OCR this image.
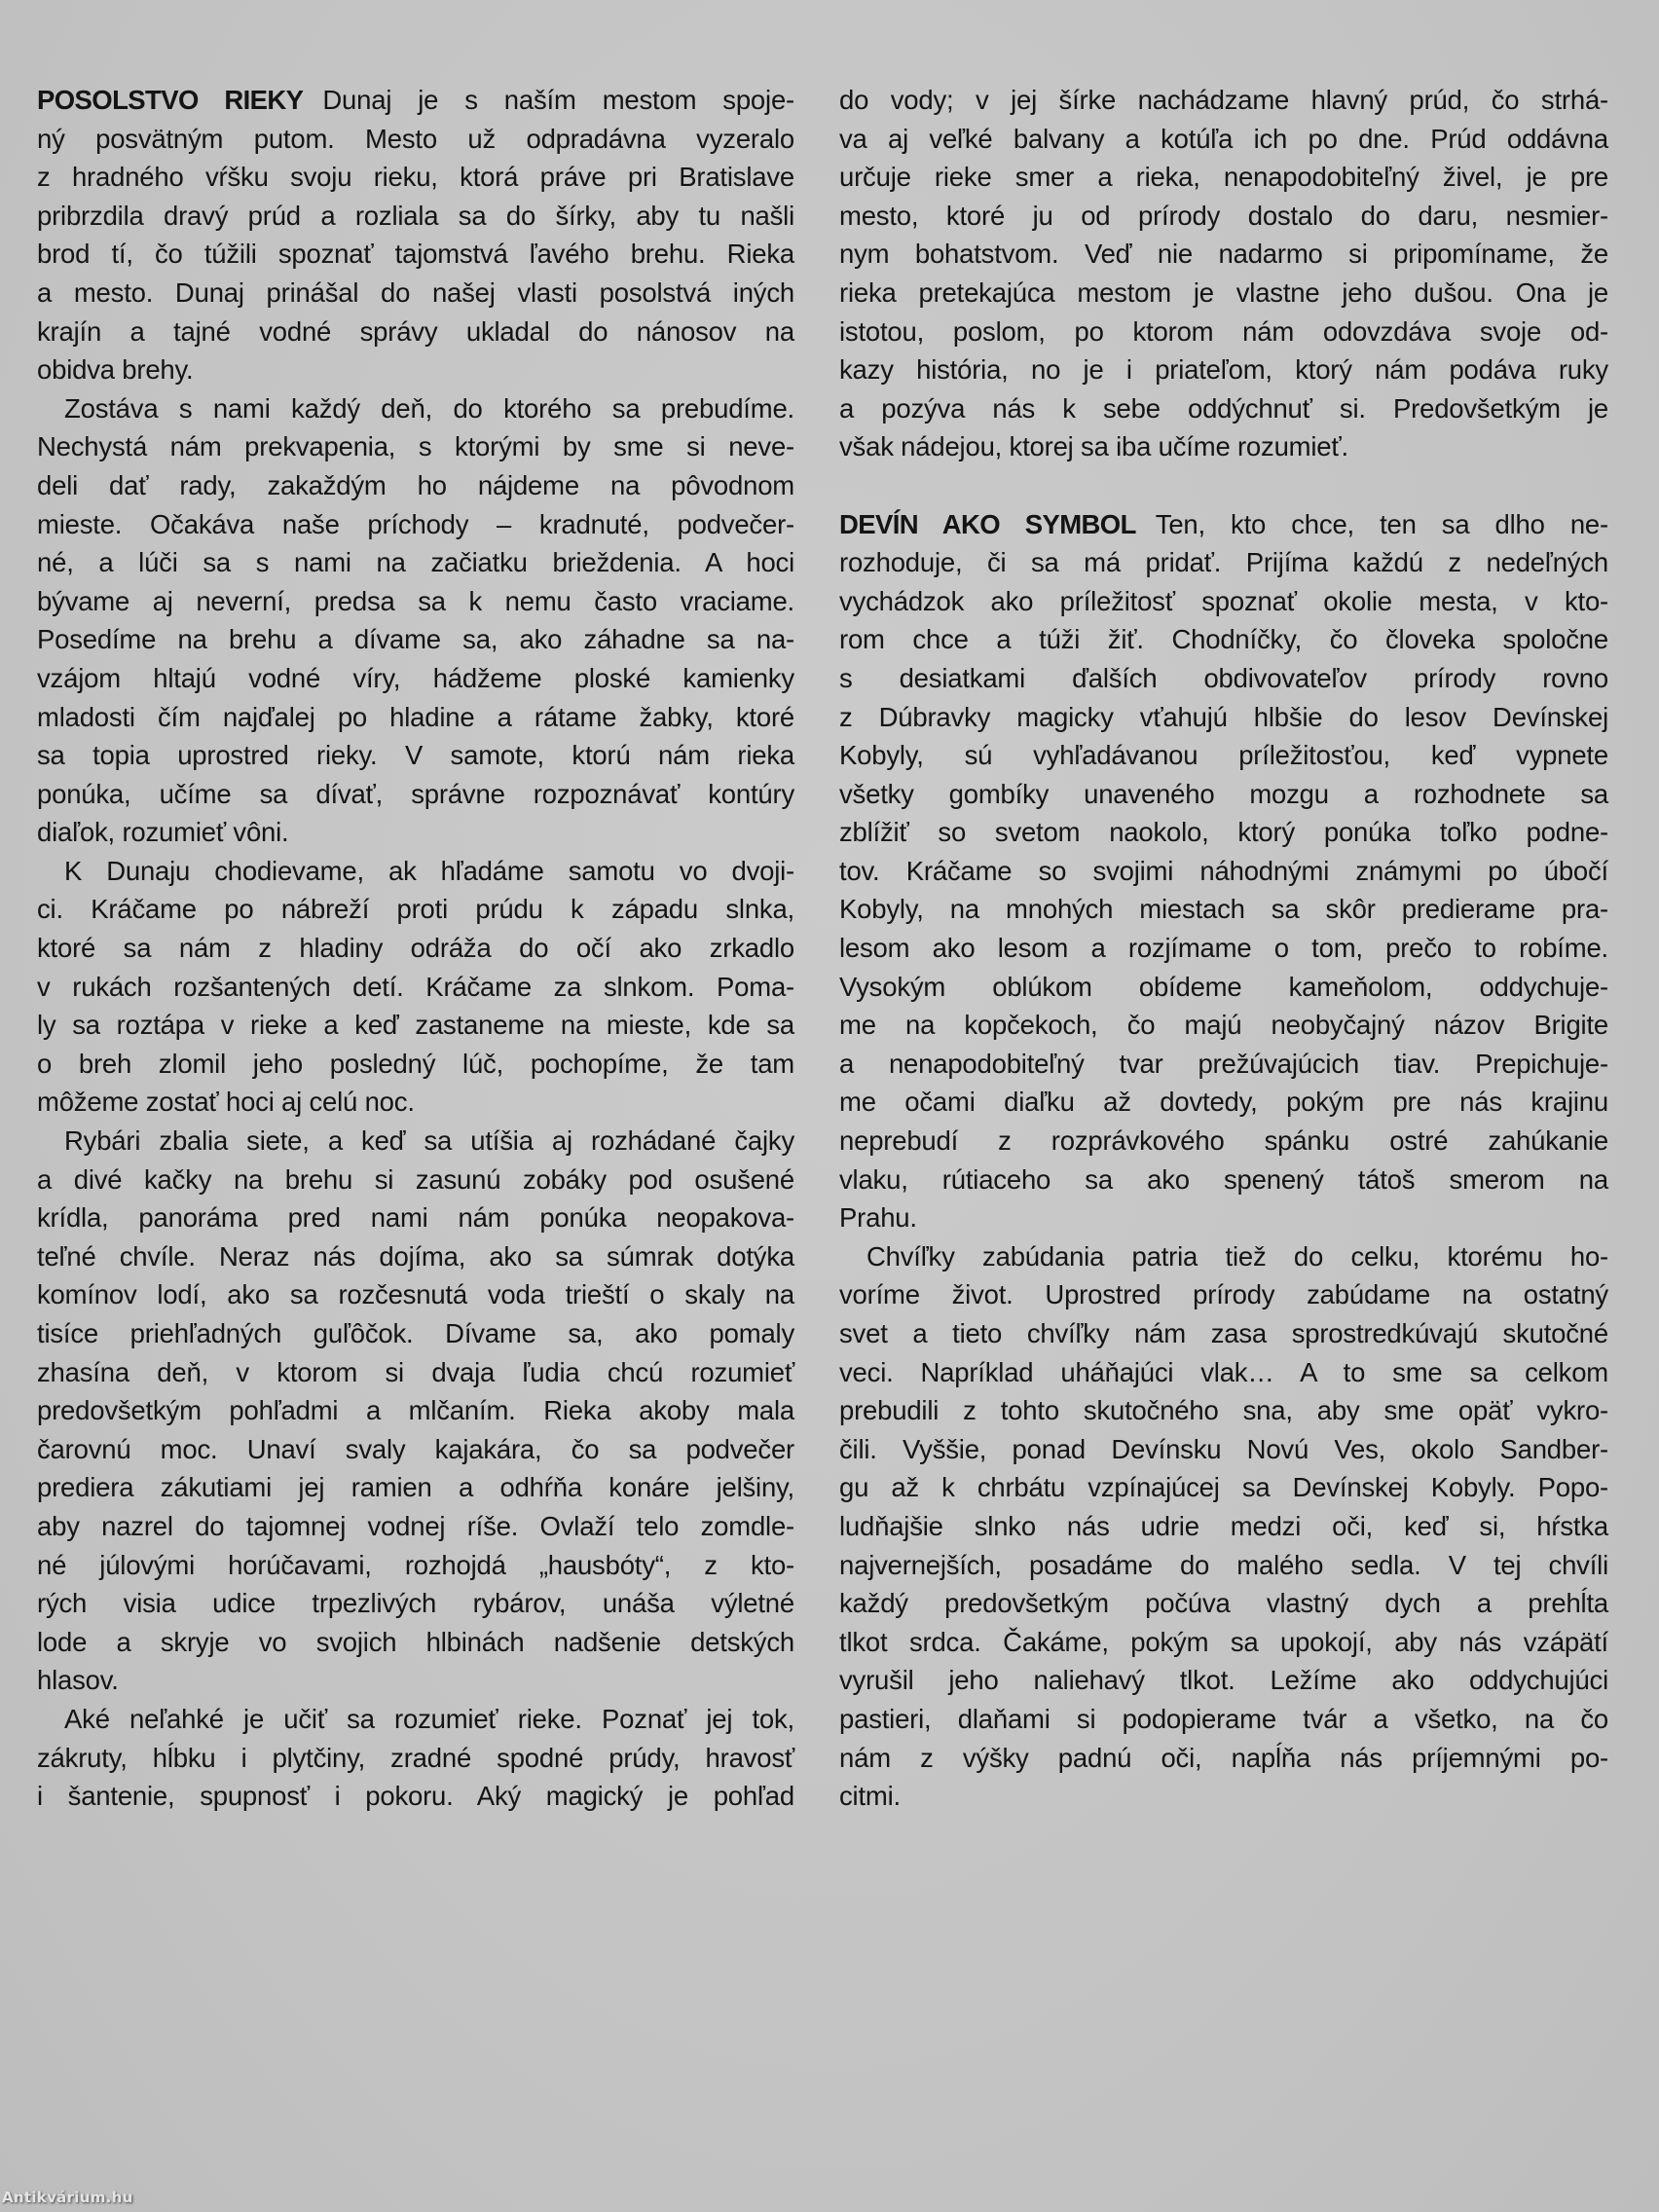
POSOLSTVO RIEKY Dunaj je s naším mestom spoje-
ný posvätným putom. Mesto už odpradávna vyzeralo
z hradného vŕšku svoju rieku, ktorá práve pri Bratislave
pribrzdila dravý prúd a rozliala sa do šírky, aby tu našli
brod tí, čo túžili spoznať tajomstvá ľavého brehu. Rieka
a mesto. Dunaj prinášal do našej vlasti posolstvá iných
krajín a tajné vodné správy ukladal do nánosov na
obidva brehy.
Zostáva s nami každý deň, do ktorého sa prebudíme.
Nechystá nám prekvapenia, s ktorými by sme si neve-
deli dať rady, zakaždým ho nájdeme na pôvodnom
mieste. Očakáva naše príchody – kradnuté, podvečer-
né, a lúči sa s nami na začiatku brieždenia. A hoci
bývame aj neverní, predsa sa k nemu často vraciame.
Posedíme na brehu a dívame sa, ako záhadne sa na-
vzájom hltajú vodné víry, hádžeme ploské kamienky
mladosti čím najďalej po hladine a rátame žabky, ktoré
sa topia uprostred rieky. V samote, ktorú nám rieka
ponúka, učíme sa dívať, správne rozpoznávať kontúry
diaľok, rozumieť vôni.
K Dunaju chodievame, ak hľadáme samotu vo dvoji-
ci. Kráčame po nábreží proti prúdu k západu slnka,
ktoré sa nám z hladiny odráža do očí ako zrkadlo
v rukách rozšantených detí. Kráčame za slnkom. Poma-
ly sa roztápa v rieke a keď zastaneme na mieste, kde sa
o breh zlomil jeho posledný lúč, pochopíme, že tam
môžeme zostať hoci aj celú noc.
Rybári zbalia siete, a keď sa utíšia aj rozhádané čajky
a divé kačky na brehu si zasunú zobáky pod osušené
krídla, panoráma pred nami nám ponúka neopakova-
teľné chvíle. Neraz nás dojíma, ako sa súmrak dotýka
komínov lodí, ako sa rozčesnutá voda trieští o skaly na
tisíce priehľadných guľôčok. Dívame sa, ako pomaly
zhasína deň, v ktorom si dvaja ľudia chcú rozumieť
predovšetkým pohľadmi a mlčaním. Rieka akoby mala
čarovnú moc. Unaví svaly kajakára, čo sa podvečer
prediera zákutiami jej ramien a odhŕňa konáre jelšiny,
aby nazrel do tajomnej vodnej ríše. Ovlaží telo zomdle-
né júlovými horúčavami, rozhojdá „hausbóty“, z kto-
rých visia udice trpezlivých rybárov, unáša výletné
lode a skryje vo svojich hlbinách nadšenie detských
hlasov.
Aké neľahké je učiť sa rozumieť rieke. Poznať jej tok,
zákruty, hĺbku i plytčiny, zradné spodné prúdy, hravosť
i šantenie, spupnosť i pokoru. Aký magický je pohľad
do vody; v jej šírke nachádzame hlavný prúd, čo strhá-
va aj veľké balvany a kotúľa ich po dne. Prúd oddávna
určuje rieke smer a rieka, nenapodobiteľný živel, je pre
mesto, ktoré ju od prírody dostalo do daru, nesmier-
nym bohatstvom. Veď nie nadarmo si pripomíname, že
rieka pretekajúca mestom je vlastne jeho dušou. Ona je
istotou, poslom, po ktorom nám odovzdáva svoje od-
kazy história, no je i priateľom, ktorý nám podáva ruky
a pozýva nás k sebe oddýchnuť si. Predovšetkým je
však nádejou, ktorej sa iba učíme rozumieť.
DEVÍN AKO SYMBOL Ten, kto chce, ten sa dlho ne-
rozhoduje, či sa má pridať. Prijíma každú z nedeľných
vychádzok ako príležitosť spoznať okolie mesta, v kto-
rom chce a túži žiť. Chodníčky, čo človeka spoločne
s desiatkami ďalších obdivovateľov prírody rovno
z Dúbravky magicky vťahujú hlbšie do lesov Devínskej
Kobyly, sú vyhľadávanou príležitosťou, keď vypnete
všetky gombíky unaveného mozgu a rozhodnete sa
zblížiť so svetom naokolo, ktorý ponúka toľko podne-
tov. Kráčame so svojimi náhodnými známymi po úbočí
Kobyly, na mnohých miestach sa skôr predierame pra-
lesom ako lesom a rozjímame o tom, prečo to robíme.
Vysokým oblúkom obídeme kameňolom, oddychuje-
me na kopčekoch, čo majú neobyčajný názov Brigite
a nenapodobiteľný tvar prežúvajúcich tiav. Prepichuje-
me očami diaľku až dovtedy, pokým pre nás krajinu
neprebudí z rozprávkového spánku ostré zahúkanie
vlaku, rútiaceho sa ako spenený tátoš smerom na
Prahu.
Chvíľky zabúdania patria tiež do celku, ktorému ho-
voríme život. Uprostred prírody zabúdame na ostatný
svet a tieto chvíľky nám zasa sprostredkúvajú skutočné
veci. Napríklad uháňajúci vlak… A to sme sa celkom
prebudili z tohto skutočného sna, aby sme opäť vykro-
čili. Vyššie, ponad Devínsku Novú Ves, okolo Sandber-
gu až k chrbátu vzpínajúcej sa Devínskej Kobyly. Popo-
ludňajšie slnko nás udrie medzi oči, keď si, hŕstka
najvernejších, posadáme do malého sedla. V tej chvíli
každý predovšetkým počúva vlastný dych a prehĺta
tlkot srdca. Čakáme, pokým sa upokojí, aby nás vzápätí
vyrušil jeho naliehavý tlkot. Ležíme ako oddychujúci
pastieri, dlaňami si podopierame tvár a všetko, na čo
nám z výšky padnú oči, napĺňa nás príjemnými po-
citmi.
Antikvárium.hu
